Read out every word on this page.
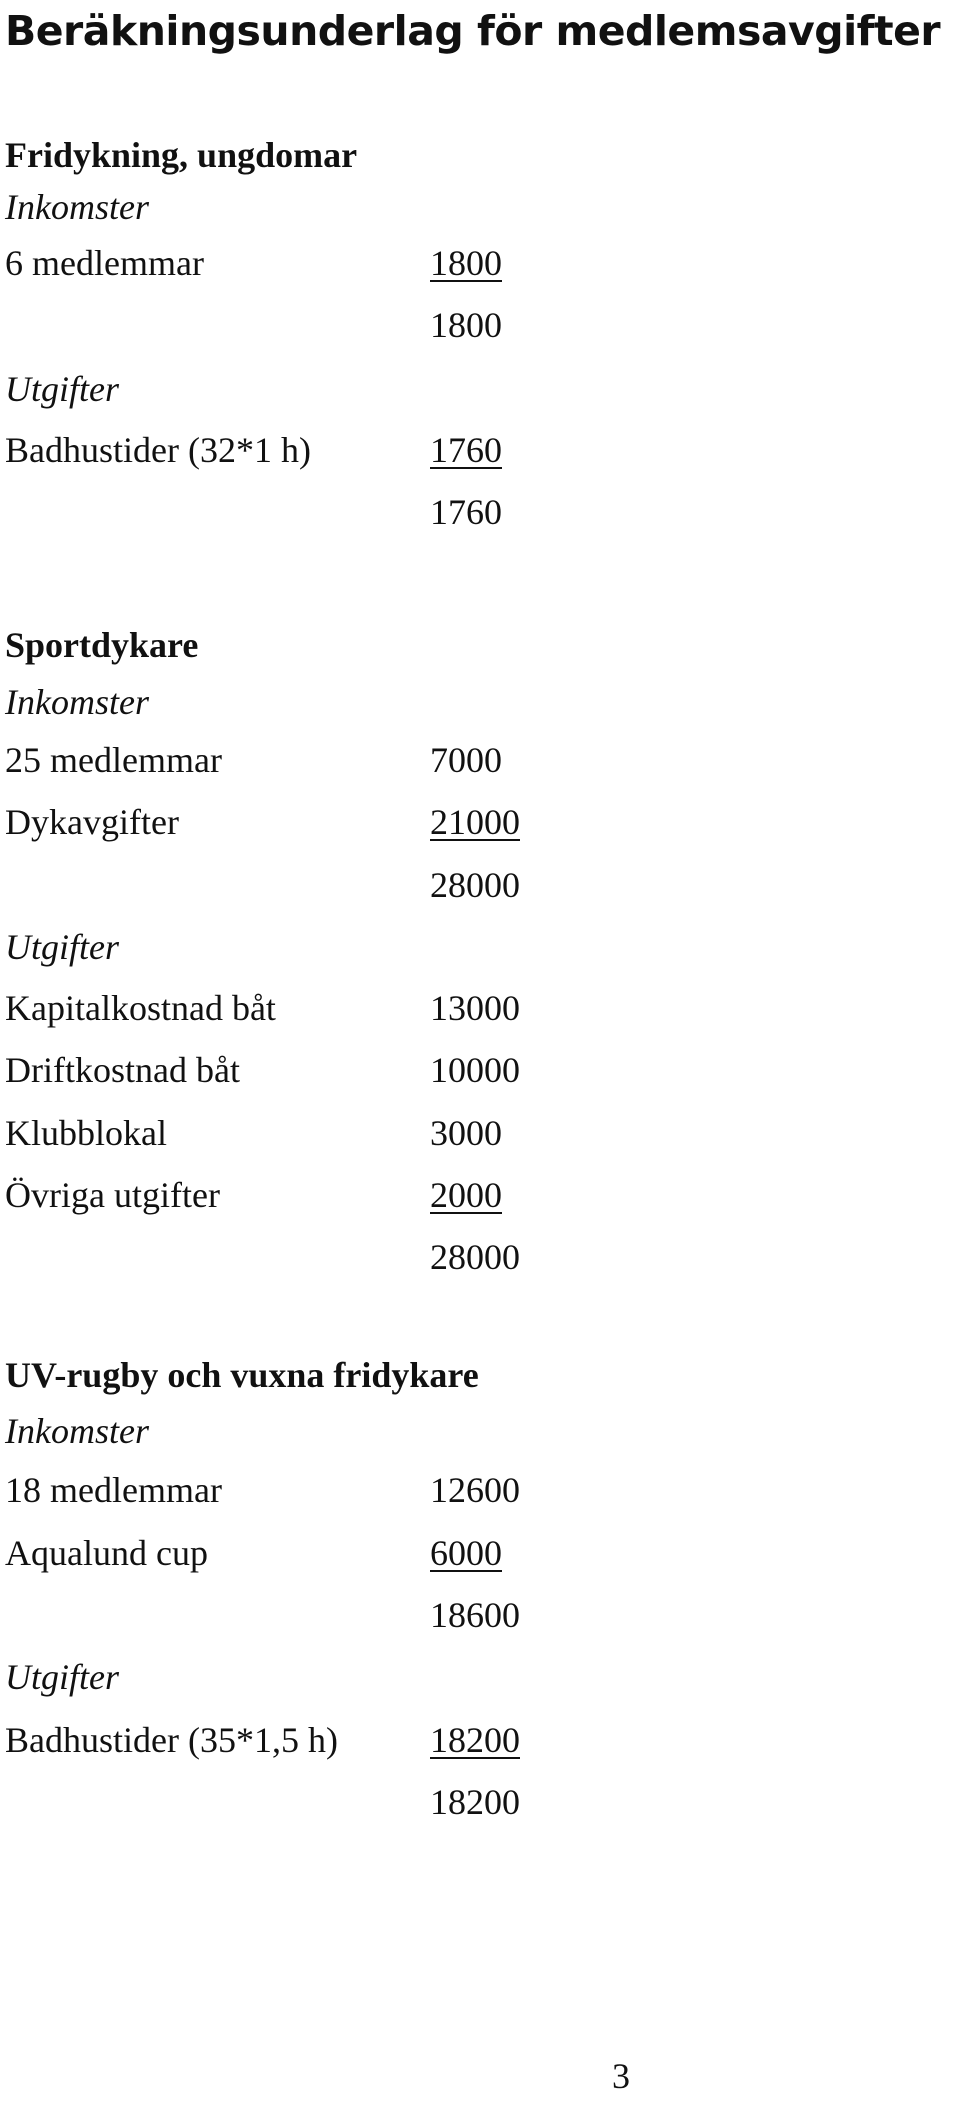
Beräkningsunderlag för medlemsavgifter
Fridykning, ungdomar
Inkomster
6 medlemmar	1800
1800
Utgifter
Badhustider (32*1 h)	1760
1760
Sportdykare
Inkomster
25 medlemmar	7000
Dykavgifter	21000
28000
Utgifter
Kapitalkostnad båt	13000
Driftkostnad båt	10000
Klubblokal	3000
Övriga utgifter	2000
28000
UV-rugby och vuxna fridykare
Inkomster
18 medlemmar	12600
Aqualund cup	6000
18600
Utgifter
Badhustider (35*1,5 h)	18200
18200
3
